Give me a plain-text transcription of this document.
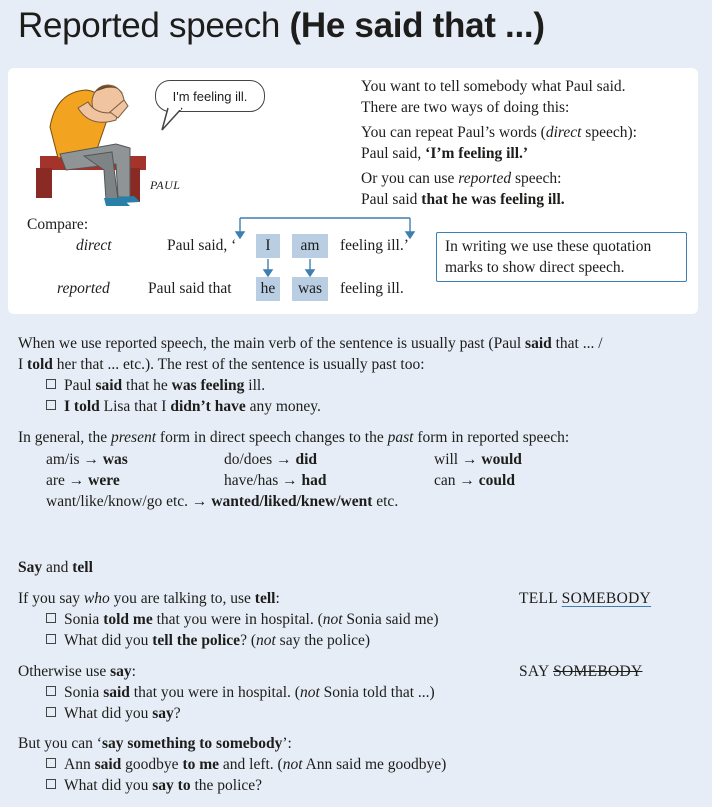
Reported speech (He said that ...)
I'm feeling ill.
PAUL
You want to tell somebody what Paul said.
There are two ways of doing this:
You can repeat Paul’s words (direct speech):
Paul said, ‘I’m feeling ill.’
Or you can use reported speech:
Paul said that he was feeling ill.
Compare:
direct
reported
Paul said, ‘ I am feeling ill.’
Paul said that he was feeling ill.
In writing we use these quotation
marks to show direct speech.
When we use reported speech, the main verb of the sentence is usually past (Paul said that ... /
I told her that ... etc.). The rest of the sentence is usually past too:
Paul said that he was feeling ill.
I told Lisa that I didn’t have any money.
In general, the present form in direct speech changes to the past form in reported speech:
am/is → was	do/does → did	will → would
are → were	have/has → had	can → could
want/like/know/go etc. → wanted/liked/knew/went etc.
Say and tell
If you say who you are talking to, use tell:	TELL SOMEBODY
Sonia told me that you were in hospital. (not Sonia said me)
What did you tell the police? (not say the police)
Otherwise use say:	SAY SOMEBODY
Sonia said that you were in hospital. (not Sonia told that ...)
What did you say?
But you can ‘say something to somebody’:
Ann said goodbye to me and left. (not Ann said me goodbye)
What did you say to the police?
